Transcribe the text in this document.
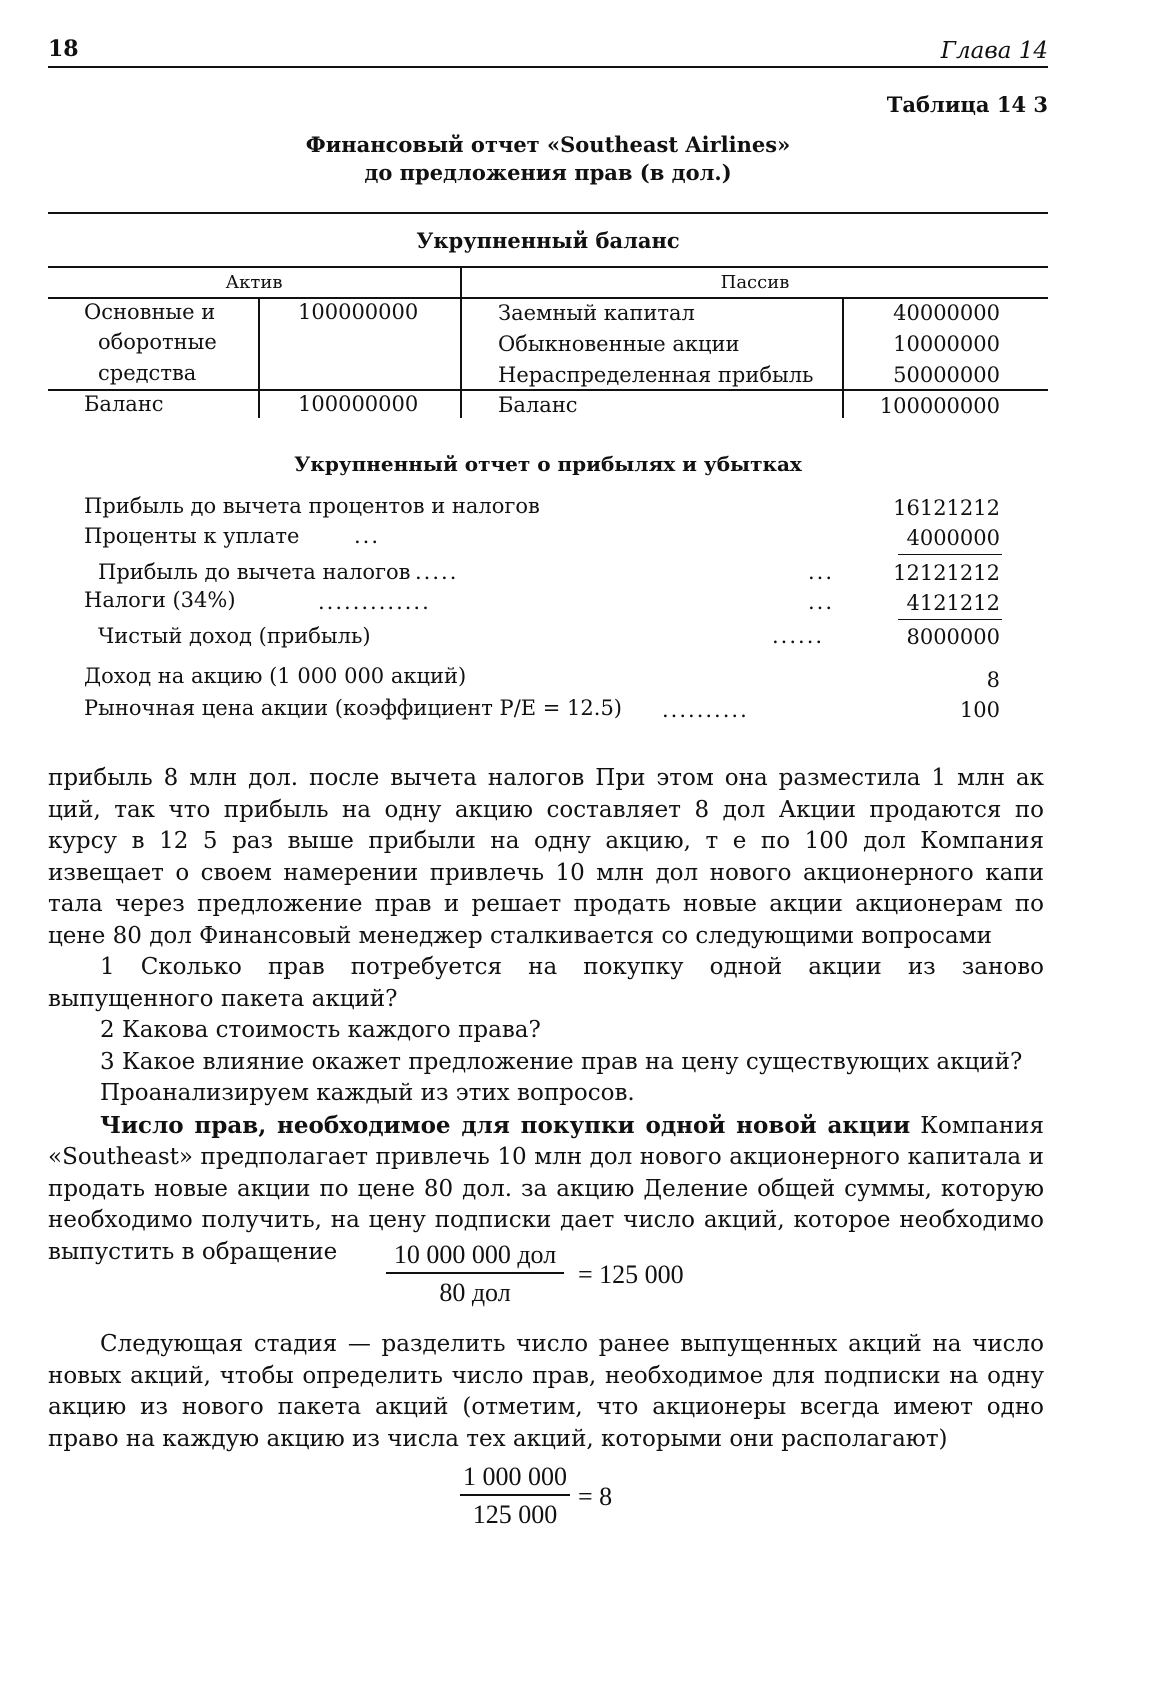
18	Глава 14
Таблица 14 3
Финансовый отчет «Southeast Airlines»
до предложения прав (в дол.)
Укрупненный баланс
Актив	Пассив
Основные и
оборотные
средства
100000000	Заемный капитал	40000000
Обыкновенные акции	10000000
Нераспределенная прибыль	50000000
Баланс	100000000	Баланс	100000000
Укрупненный отчет о прибылях и убытках
Прибыль до вычета процентов и налогов	16121212
Проценты к уплате	...	4000000
Прибыль до вычета налогов .....	...	12121212
Налоги (34%)	.............	...	4121212
Чистый доход (прибыль)	......	8000000
Доход на акцию (1 000 000 акций)	8
Рыночная цена акции (коэффициент P/E = 12.5) ..........	100

прибыль 8 млн дол. после вычета налогов При этом она разместила 1 млн ак ций, так что прибыль на одну акцию составляет 8 дол Акции продаются по курсу в 12 5 раз выше прибыли на одну акцию, т е по 100 дол Компания извещает о своем намерении привлечь 10 млн дол нового акционерного капи тала через предложение прав и решает продать новые акции акционерам по цене 80 дол Финансовый менеджер сталкивается со следующими вопросами

1 Сколько прав потребуется на покупку одной акции из заново выпущенного пакета акций?

2 Какова стоимость каждого права?

3 Какое влияние окажет предложение прав на цену существующих акций?

Проанализируем каждый из этих вопросов.

Число прав, необходимое для покупки одной новой акции Компания «Southeast» предполагает привлечь 10 млн дол нового акционерного капитала и продать новые акции по цене 80 дол. за акцию Деление общей суммы, которую необходимо получить, на цену подписки дает число акций, которое необходимо выпустить в обращение	10 000 000 дол
80 дол
= 125 000

Следующая стадия — разделить число ранее выпущенных акций на число новых акций, чтобы определить число прав, необходимое для подписки на одну акцию из нового пакета акций (отметим, что акционеры всегда имеют одно право на каждую акцию из числа тех акций, которыми они располагают)

1 000 000
125 000
= 8
